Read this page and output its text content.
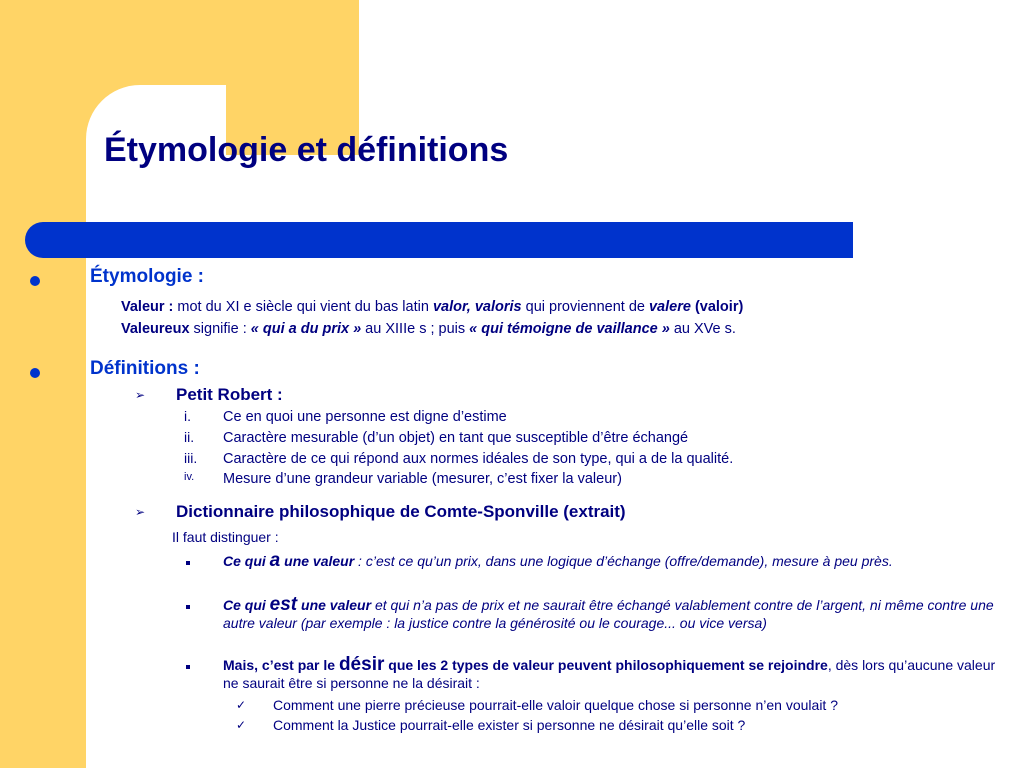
Étymologie et définitions
Étymologie :
Valeur : mot du XI e siècle qui vient du bas latin valor, valoris qui proviennent de valere (valoir)
Valeureux signifie : « qui a du prix » au XIIIe s ; puis « qui témoigne de vaillance » au XVe s.
Définitions :
➢ Petit Robert :
i. Ce en quoi une personne est digne d’estime
ii. Caractère mesurable (d’un objet) en tant que susceptible d’être échangé
iii. Caractère de ce qui répond aux normes idéales de son type, qui a de la qualité.
iv. Mesure d’une grandeur variable (mesurer, c’est fixer la valeur)
➢ Dictionnaire philosophique de Comte-Sponville (extrait)
Il faut distinguer :
Ce qui a une valeur : c’est ce qu’un prix, dans une logique d’échange (offre/demande), mesure à peu près.
Ce qui est une valeur et qui n’a pas de prix et ne saurait être échangé valablement contre de l’argent, ni même contre une autre valeur (par exemple : la justice contre la générosité ou le courage... ou vice versa)
Mais, c’est par le désir que les 2 types de valeur peuvent philosophiquement se rejoindre, dès lors qu’aucune valeur ne saurait être si personne ne la désirait :
✓ Comment une pierre précieuse pourrait-elle valoir quelque chose si personne n’en voulait ?
✓ Comment la Justice pourrait-elle exister si personne ne désirait qu’elle soit ?
